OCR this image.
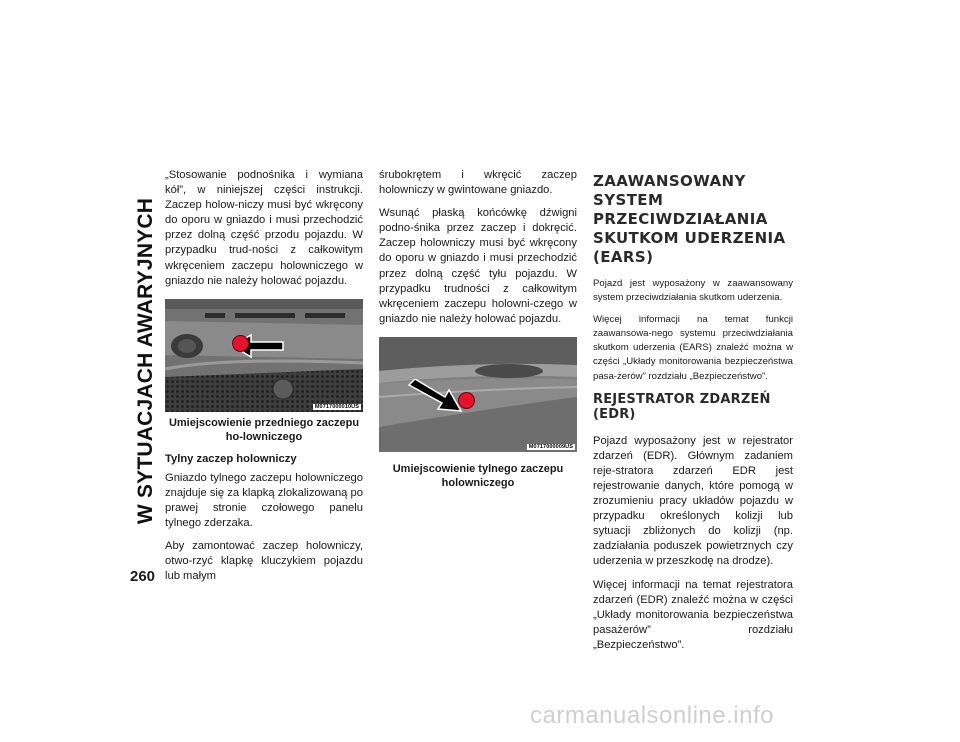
W SYTUACJACH AWARYJNYCH

„Stosowanie podnośnika i wymiana kół”, w niniejszej części instrukcji. Zaczep holow-niczy musi być wkręcony do oporu w gniazdo i musi przechodzić przez dolną część przodu pojazdu. W przypadku trud-ności z całkowitym wkręceniem zaczepu holowniczego w gniazdo nie należy holować pojazdu.

M0717000010US
Umiejscowienie przedniego zaczepu ho-lowniczego
Tylny zaczep holowniczy

Gniazdo tylnego zaczepu holowniczego znajduje się za klapką zlokalizowaną po prawej stronie czołowego panelu tylnego zderzaka.

Aby zamontować zaczep holowniczy, otwo-rzyć klapkę kluczykiem pojazdu lub małym

śrubokrętem i wkręcić zaczep holowniczy w gwintowane gniazdo.

Wsunąć płaską końcówkę dźwigni podno-śnika przez zaczep i dokręcić. Zaczep holowniczy musi być wkręcony do oporu w gniazdo i musi przechodzić przez dolną część tyłu pojazdu. W przypadku trudności z całkowitym wkręceniem zaczepu holowni-czego w gniazdo nie należy holować pojazdu.

M0717000009US
Umiejscowienie tylnego zaczepu holowniczego
ZAAWANSOWANY SYSTEM PRZECIWDZIAŁANIA SKUTKOM UDERZENIA (EARS)

Pojazd jest wyposażony w zaawansowany system przeciwdziałania skutkom uderzenia.

Więcej informacji na temat funkcji zaawansowa-nego systemu przeciwdziałania skutkom uderzenia (EARS) znaleźć można w części „Układy monitorowania bezpieczeństwa pasa-żerów” rozdziału „Bezpieczeństwo”.

REJESTRATOR ZDARZEŃ (EDR)

Pojazd wyposażony jest w rejestrator zdarzeń (EDR). Głównym zadaniem reje-stratora zdarzeń EDR jest rejestrowanie danych, które pomogą w zrozumieniu pracy układów pojazdu w przypadku określonych kolizji lub sytuacji zbliżonych do kolizji (np. zadziałania poduszek powietrznych czy uderzenia w przeszkodę na drodze).

Więcej informacji na temat rejestratora zdarzeń (EDR) znaleźć można w części „Układy monitorowania bezpieczeństwa pasażerów” rozdziału „Bezpieczeństwo”.

260
carmanualsonline.info
